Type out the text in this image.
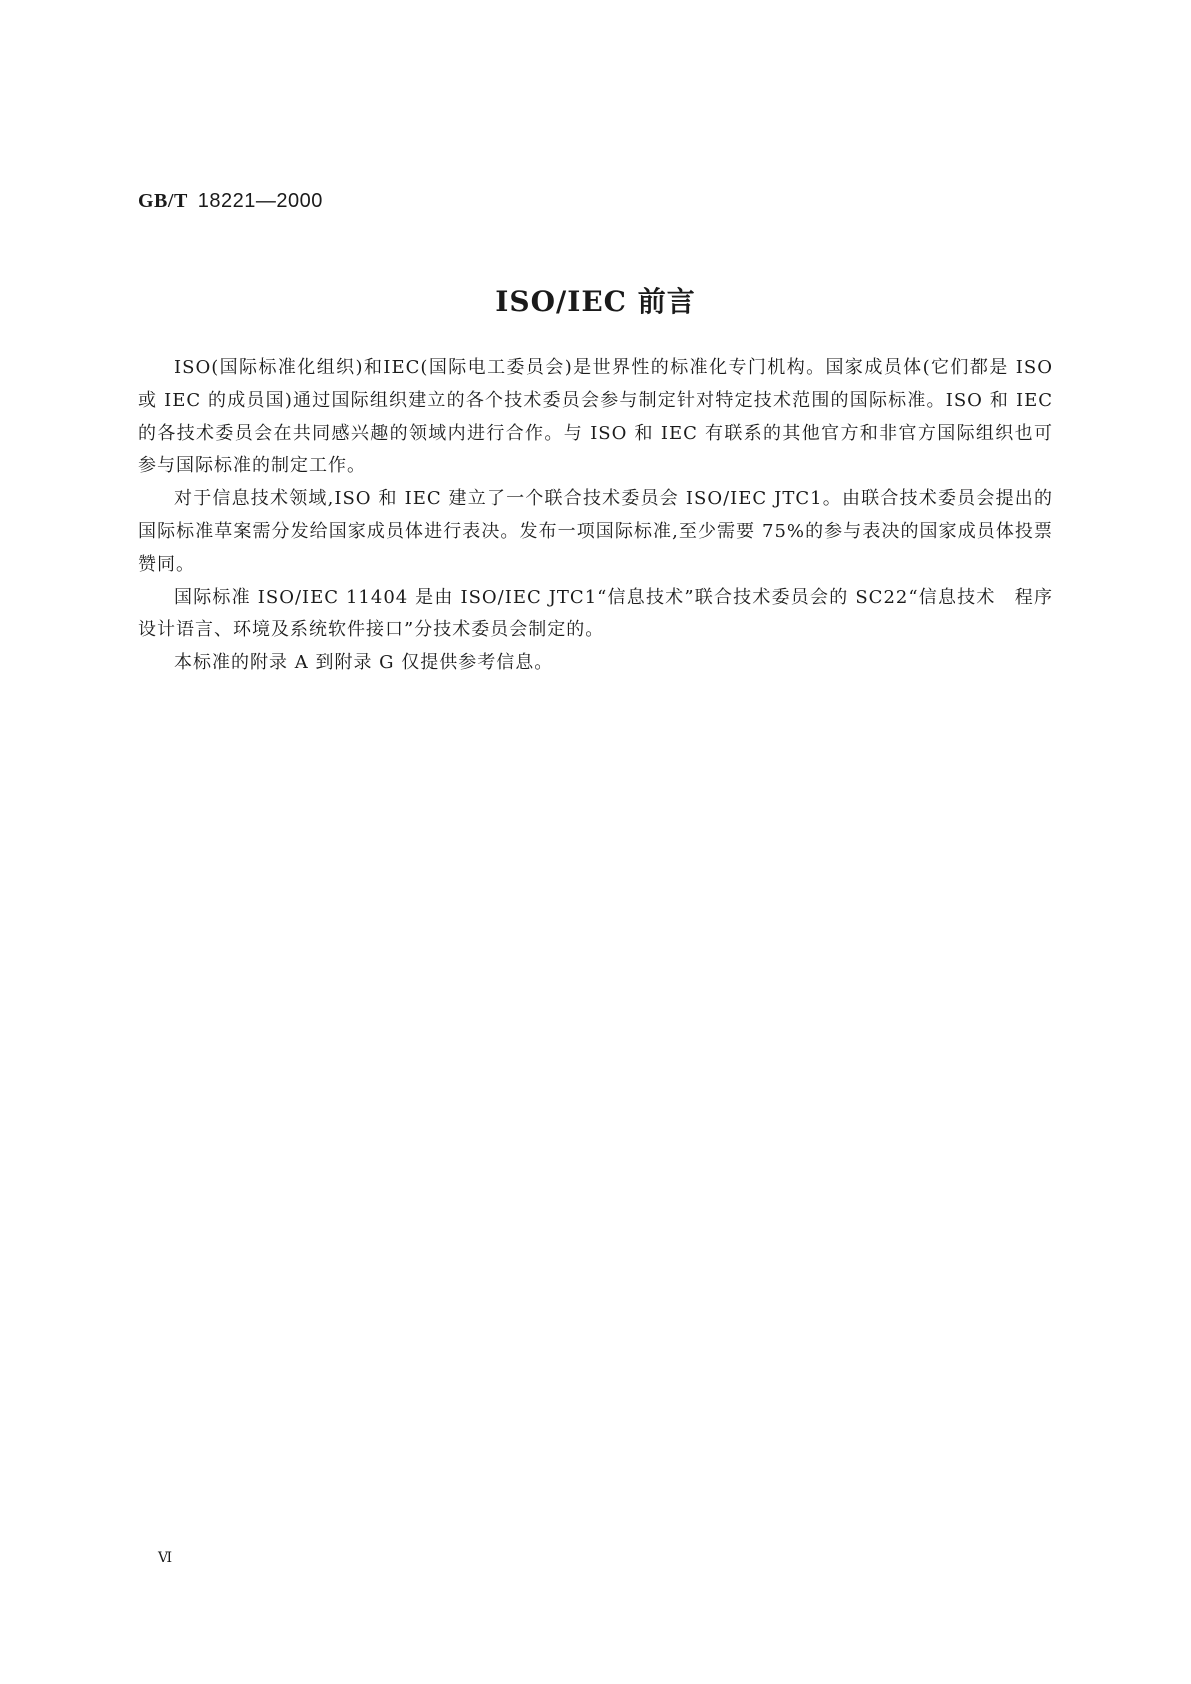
GB/T 18221—2000
ISO/IEC 前言

ISO(国际标准化组织)和IEC(国际电工委员会)是世界性的标准化专门机构。国家成员体(它们都是 ISO 或 IEC 的成员国)通过国际组织建立的各个技术委员会参与制定针对特定技术范围的国际标准。ISO 和 IEC 的各技术委员会在共同感兴趣的领域内进行合作。与 ISO 和 IEC 有联系的其他官方和非官方国际组织也可参与国际标准的制定工作。

对于信息技术领域,ISO 和 IEC 建立了一个联合技术委员会 ISO/IEC JTC1。由联合技术委员会提出的国际标准草案需分发给国家成员体进行表决。发布一项国际标准,至少需要 75%的参与表决的国家成员体投票赞同。

国际标准 ISO/IEC 11404 是由 ISO/IEC JTC1“信息技术”联合技术委员会的 SC22“信息技术　程序设计语言、环境及系统软件接口”分技术委员会制定的。

本标准的附录 A 到附录 G 仅提供参考信息。

Ⅵ
